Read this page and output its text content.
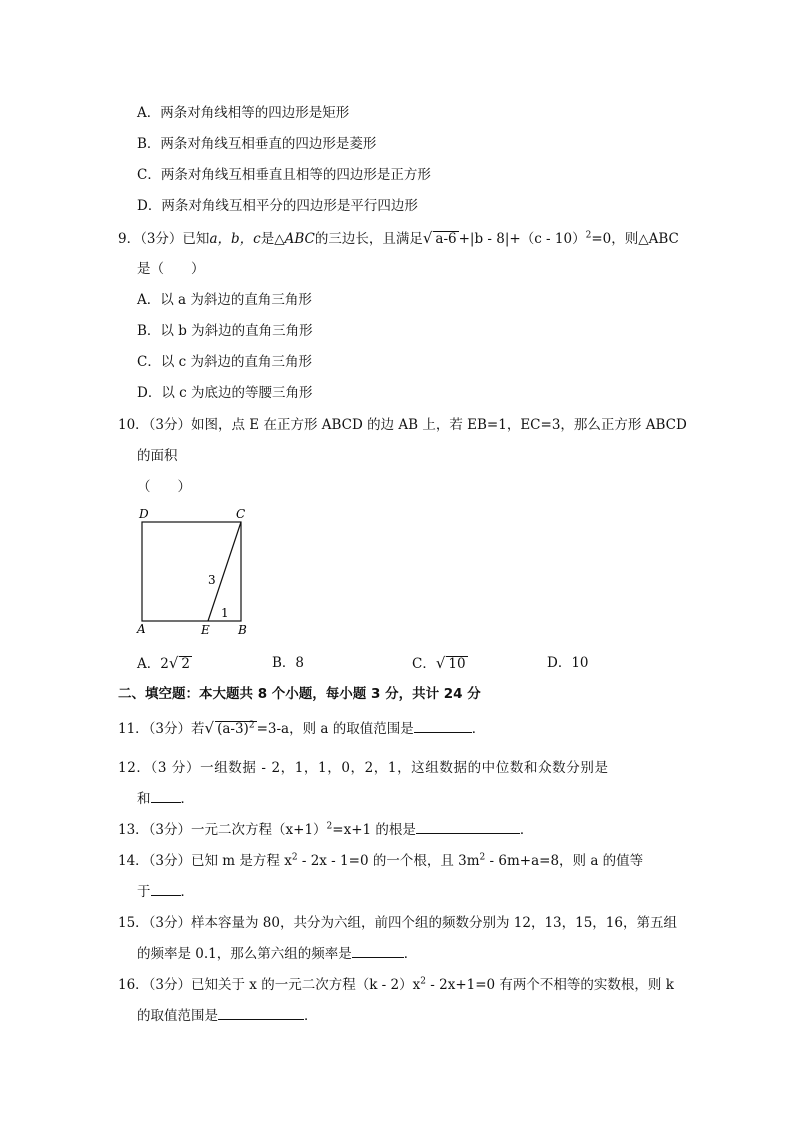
A．两条对角线相等的四边形是矩形
B．两条对角线互相垂直的四边形是菱形
C．两条对角线互相垂直且相等的四边形是正方形
D．两条对角线互相平分的四边形是平行四边形
9．（3分）已知a，b，c是△ABC的三边长，且满足√ a-6 +|b - 8|+（c - 10）$^2$=0，则△ABC
是（　　）
A．以 a 为斜边的直角三角形
B．以 b 为斜边的直角三角形
C．以 c 为斜边的直角三角形
D．以 c 为底边的等腰三角形
10．（3分）如图，点 E 在正方形 ABCD 的边 AB 上，若 EB=1，EC=3，那么正方形 ABCD
的面积
（　　）
D	C
A	E B
3
1
A．2√ 2	B．8	C．√ 10	D．10
二、填空题：本大题共 8 个小题，每小题 3 分，共计 24 分
11．（3分）若√ $(a-3)^2 =3-a$，则 a 的取值范围是	．
12．（3 分）一组数据 - 2，1，1，0，2，1，这组数据的中位数和众数分别是
和 ．
13．（3分）一元二次方程$(x+1)^2=x+1$ 的根是	．
14．（3分）已知 m 是方程 $x^2 - 2x - 1=0$ 的一个根，且 $3m^2 - 6m+a=8$，则 a 的值等
于 ．
15．（3分）样本容量为 80，共分为六组，前四个组的频数分别为 12，13，15，16，第五组
的频率是 0.1，那么第六组的频率是	．
16．（3分）已知关于 x 的一元二次方程$(k - 2)x^2 - 2x+1=0$ 有两个不相等的实数根，则 k
的取值范围是	．
